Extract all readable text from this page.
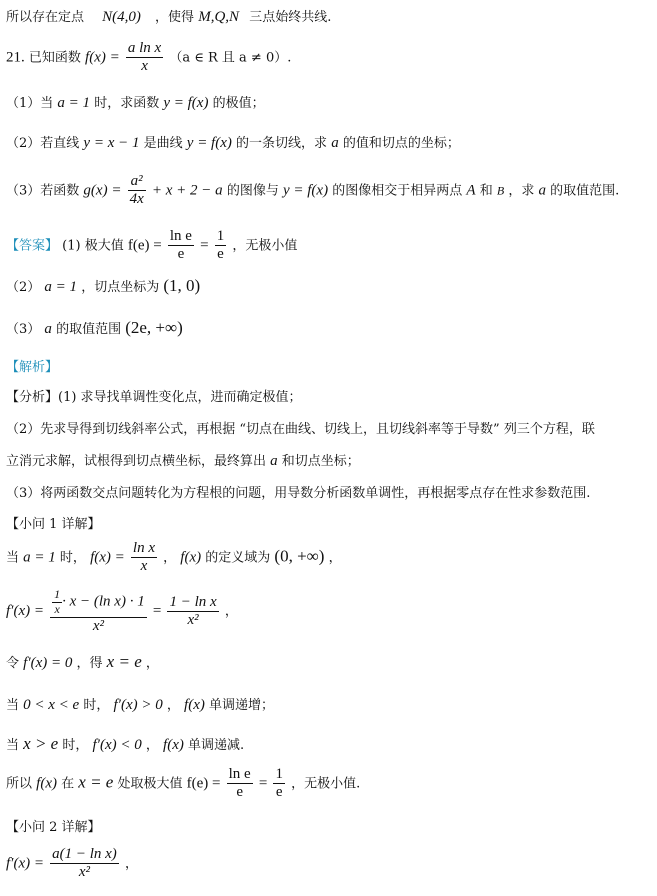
所以存在定点 N(4,0) ，使得 M,Q,N 三点始终共线.
21. 已知函数 $f(x) = \frac{\text{a ln x}}{x} (a$ ∈ R 且 a ≠ 0）.
（1）当 a = 1 时，求函数 y = f(x) 的极值；
（2）若直线 y = x − 1 是曲线 y = f(x) 的一条切线，求 a 的值和切点的坐标；
（3）若函数 $g(x) = \frac{\text{a²}}{4x} + x + 2 - a$ 的图像与 y = f(x) 的图像相交于相异两点 A 和 B ，求 a 的取值范围.
【答案】 (1) 极大值 $f(e) = \frac{\text{ln e}}{e} = \frac{1}{e}$ ，无极小值
（2） a = 1 ，切点坐标为 (1, 0)
（3） a 的取值范围 (2e, +∞)
【解析】
【分析】(1) 求导找单调性变化点，进而确定极值；
（2）先求导得到切线斜率公式，再根据 “切点在曲线、切线上，且切线斜率等于导数” 列三个方程，联
立消元求解，试根得到切点横坐标，最终算出 a 和切点坐标；
（3）将两函数交点问题转化为方程根的问题，用导数分析函数单调性，再根据零点存在性求参数范围.
【小问 1 详解】
当 a = 1 时， $f(x) = \frac{\text{ln x}}{x}$ ， f(x) 的定义域为 (0, +∞) ，
$f'(x) = \frac{\frac{1}{x} \cdot x - (\ln x) \cdot 1}{\text{x²}} = \frac{\text{1 − ln x}}{\text{x²}}$ ，
令 f′(x) = 0 ，得 x = e ，
当 0 < x < e 时， f′(x) > 0 ， f(x) 单调递增；
当 x > e 时， f′(x) < 0 ， f(x) 单调递减.
所以 f(x) 在 x = e 处取极大值 $f(e) = \frac{\text{ln e}}{e} = \frac{1}{e}$ ，无极小值.
【小问 2 详解】
$f'(x) = \frac{\text{a(1 − ln x)}}{\text{x²}}$ ，
